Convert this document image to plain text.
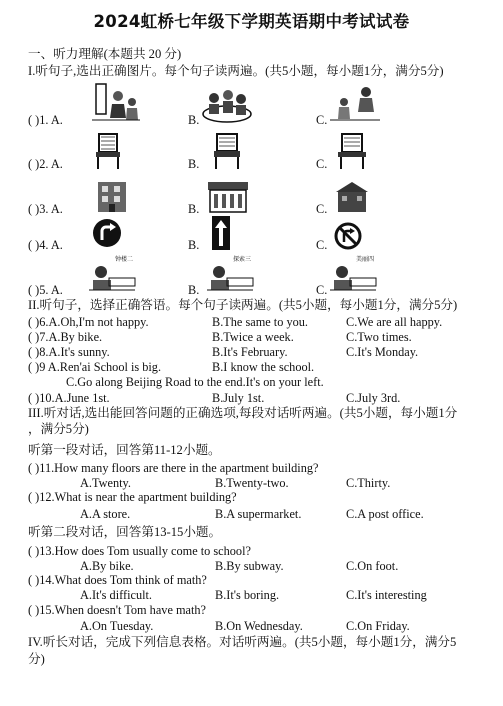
2024虹桥七年级下学期英语期中考试试卷
一、听力理解(本题共 20 分)
I.听句子,选出正确图片。每个句子读两遍。(共5小题，每小题1分，满分5分)
( )1. A.	B.	C.
( )2. A.	B.	C.
( )3. A.	B.	C.
( )4. A.	B.	C.
( )5. A.	B.	C.
钟楼二	探索三	美丽四
II.听句子，选择正确答语。每个句子读两遍。(共5小题，每小题1分，满分5分)
( )6.A.Oh,I'm not happy.	B.The same to you.	C.We are all happy.
( )7.A.By bike.	B.Twice a week.	C.Two times.
( )8.A.It's sunny.	B.It's February.	C.It's Monday.
( )9 A.Ren'ai School is big.	B.I know the school.
C.Go along Beijing Road to the end.It's on your left.
( )10.A.June 1st.	B.July 1st.	C.July 3rd.
III.听对话,选出能回答问题的正确选项,每段对话听两遍。(共5小题，每小题1分
，满分5分)
听第一段对话，回答第11-12小题。
( )11.How many floors are there in the apartment building?
A.Twenty.	B.Twenty-two.	C.Thirty.
( )12.What is near the apartment building?
A.A store.	B.A supermarket.	C.A post office.
听第二段对话，回答第13-15小题。
( )13.How does Tom usually come to school?
A.By bike.	B.By subway.	C.On foot.
( )14.What does Tom think of math?
A.It's difficult.	B.It's boring.	C.It's interesting
( )15.When doesn't Tom have math?
A.On Tuesday.	B.On Wednesday.	C.On Friday.
IV.听长对话，完成下列信息表格。对话听两遍。(共5小题，每小题1分，满分5
分)
